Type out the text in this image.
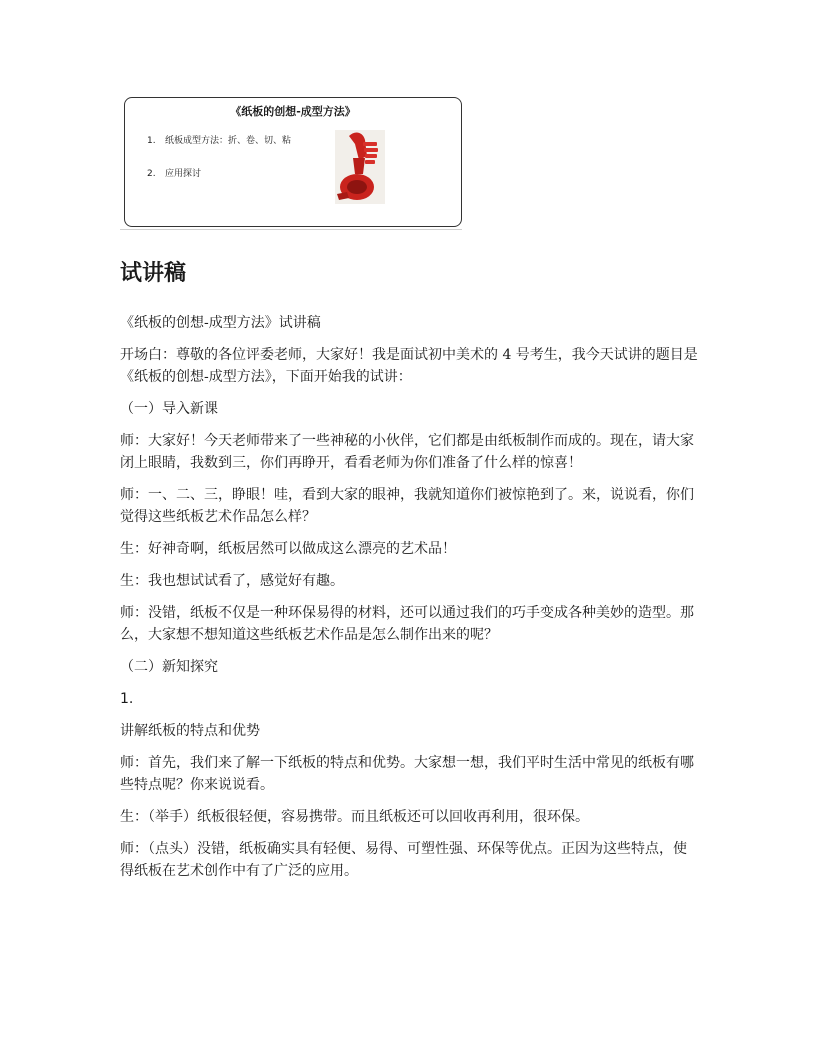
《纸板的创想-成型方法》
1. 纸板成型方法：折、卷、切、粘
2. 应用探讨
试讲稿

《纸板的创想-成型方法》试讲稿

开场白：尊敬的各位评委老师，大家好！我是面试初中美术的 4 号考生，我今天试讲的题目是《纸板的创想-成型方法》，下面开始我的试讲：

（一）导入新课

师：大家好！今天老师带来了一些神秘的小伙伴，它们都是由纸板制作而成的。现在，请大家闭上眼睛，我数到三，你们再睁开，看看老师为你们准备了什么样的惊喜！

师：一、二、三，睁眼！哇，看到大家的眼神，我就知道你们被惊艳到了。来，说说看，你们觉得这些纸板艺术作品怎么样？

生：好神奇啊，纸板居然可以做成这么漂亮的艺术品！

生：我也想试试看了，感觉好有趣。

师：没错，纸板不仅是一种环保易得的材料，还可以通过我们的巧手变成各种美妙的造型。那么，大家想不想知道这些纸板艺术作品是怎么制作出来的呢？

（二）新知探究

1.

讲解纸板的特点和优势

师：首先，我们来了解一下纸板的特点和优势。大家想一想，我们平时生活中常见的纸板有哪些特点呢？你来说说看。

生：（举手）纸板很轻便，容易携带。而且纸板还可以回收再利用，很环保。

师：（点头）没错，纸板确实具有轻便、易得、可塑性强、环保等优点。正因为这些特点，使得纸板在艺术创作中有了广泛的应用。
